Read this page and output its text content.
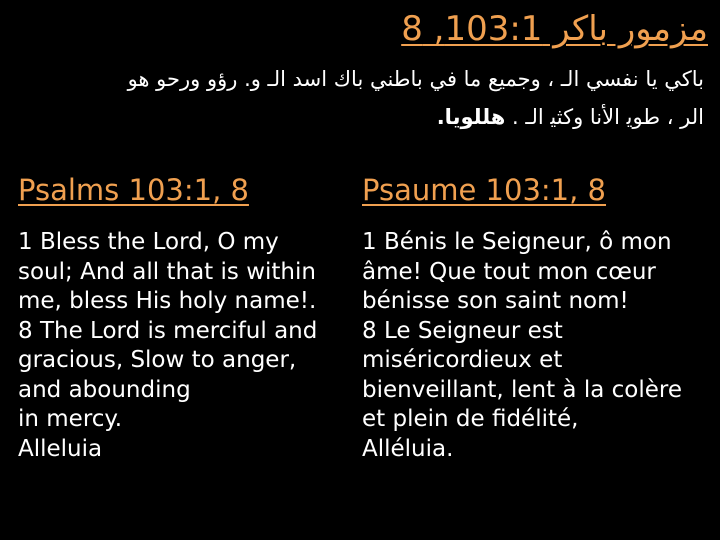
مزمور باكر 103:1, 8
باكي يا نفسي الـ ، وجميع ما في باطني باك اسد الـ و. رؤو ورحو هو
الر ، طوي‍ الأنا وكثي‍ الـ . هللويا.
Psalms 103:1, 8	Psaume 103:1, 8
1 Bless the Lord, O my
soul; And all that is within
me, bless His holy name!.
8 The Lord is merciful and
gracious, Slow to anger,
and abounding
in mercy.
Alleluia
1 Bénis le Seigneur, ô mon
âme! Que tout mon cœur
bénisse son saint nom!
8 Le Seigneur est
miséricordieux et
bienveillant, lent à la colère
et plein de fidélité,
Alléluia.
